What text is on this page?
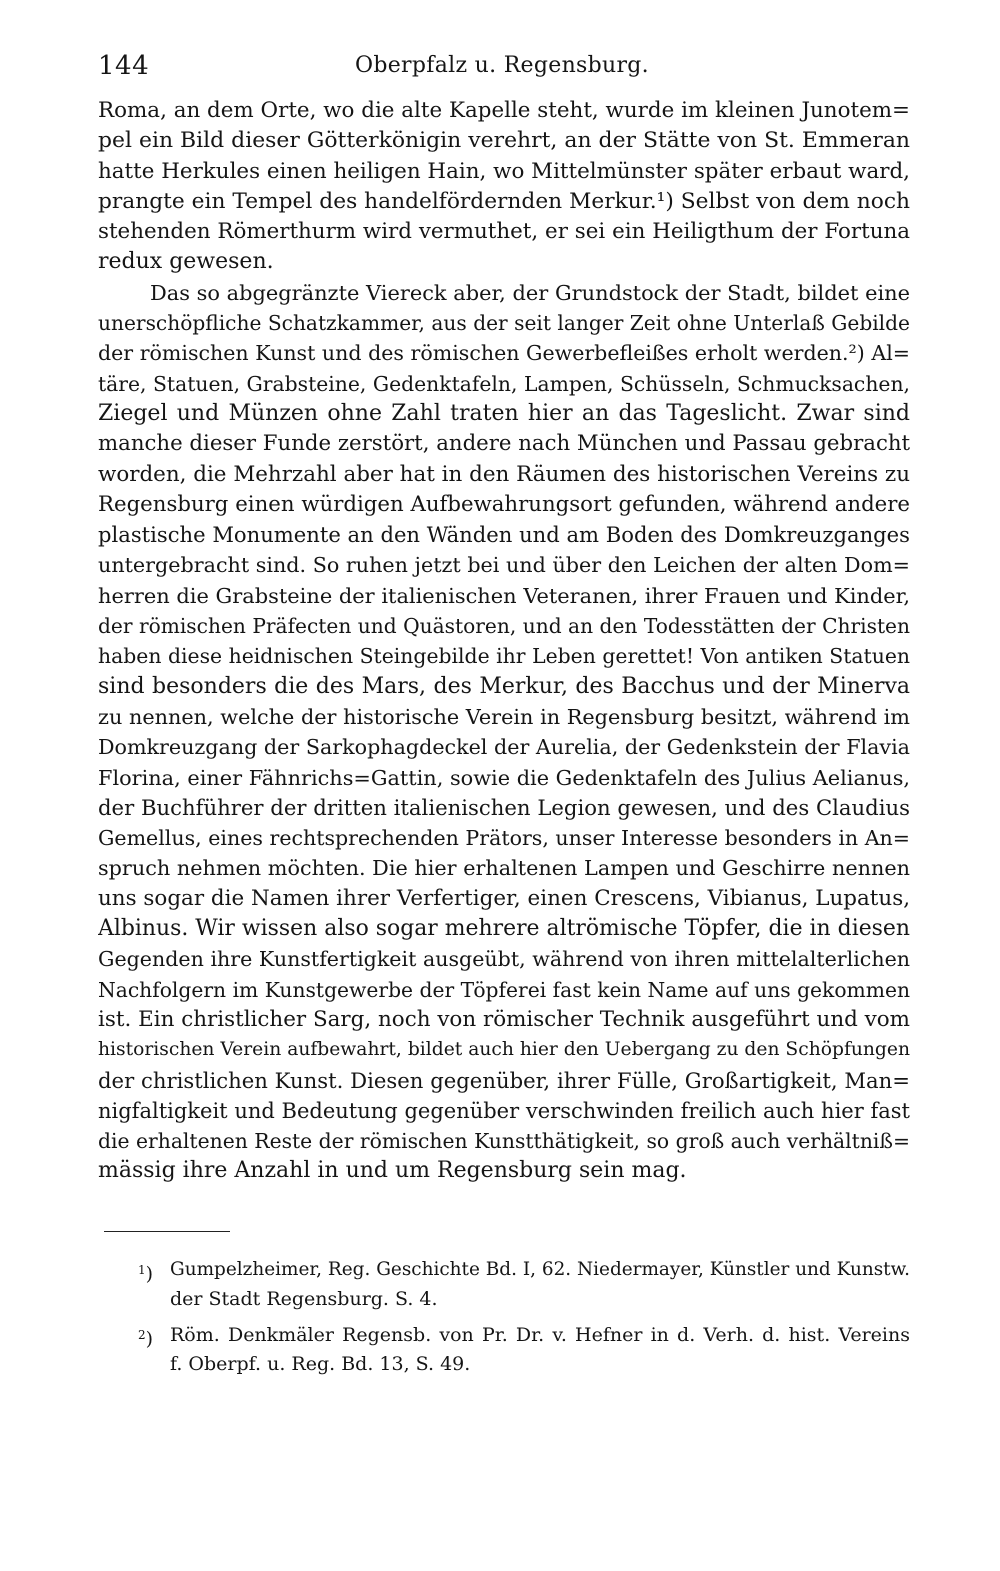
144	Oberpfalz u. Regensburg.
Roma, an dem Orte, wo die alte Kapelle steht, wurde im kleinen Junotem=
pel ein Bild dieser Götterkönigin verehrt, an der Stätte von St. Emmeran
hatte Herkules einen heiligen Hain, wo Mittelmünster später erbaut ward,
prangte ein Tempel des handelfördernden Merkur.¹) Selbst von dem noch
stehenden Römerthurm wird vermuthet, er sei ein Heiligthum der Fortuna
redux gewesen.
Das so abgegränzte Viereck aber, der Grundstock der Stadt, bildet eine
unerschöpfliche Schatzkammer, aus der seit langer Zeit ohne Unterlaß Gebilde
der römischen Kunst und des römischen Gewerbefleißes erholt werden.²) Al=
täre, Statuen, Grabsteine, Gedenktafeln, Lampen, Schüsseln, Schmucksachen,
Ziegel und Münzen ohne Zahl traten hier an das Tageslicht. Zwar sind
manche dieser Funde zerstört, andere nach München und Passau gebracht
worden, die Mehrzahl aber hat in den Räumen des historischen Vereins zu
Regensburg einen würdigen Aufbewahrungsort gefunden, während andere
plastische Monumente an den Wänden und am Boden des Domkreuzganges
untergebracht sind. So ruhen jetzt bei und über den Leichen der alten Dom=
herren die Grabsteine der italienischen Veteranen, ihrer Frauen und Kinder,
der römischen Präfecten und Quästoren, und an den Todesstätten der Christen
haben diese heidnischen Steingebilde ihr Leben gerettet! Von antiken Statuen
sind besonders die des Mars, des Merkur, des Bacchus und der Minerva
zu nennen, welche der historische Verein in Regensburg besitzt, während im
Domkreuzgang der Sarkophagdeckel der Aurelia, der Gedenkstein der Flavia
Florina, einer Fähnrichs=Gattin, sowie die Gedenktafeln des Julius Aelianus,
der Buchführer der dritten italienischen Legion gewesen, und des Claudius
Gemellus, eines rechtsprechenden Prätors, unser Interesse besonders in An=
spruch nehmen möchten. Die hier erhaltenen Lampen und Geschirre nennen
uns sogar die Namen ihrer Verfertiger, einen Crescens, Vibianus, Lupatus,
Albinus. Wir wissen also sogar mehrere altrömische Töpfer, die in diesen
Gegenden ihre Kunstfertigkeit ausgeübt, während von ihren mittelalterlichen
Nachfolgern im Kunstgewerbe der Töpferei fast kein Name auf uns gekommen
ist. Ein christlicher Sarg, noch von römischer Technik ausgeführt und vom
historischen Verein aufbewahrt, bildet auch hier den Uebergang zu den Schöpfungen
der christlichen Kunst. Diesen gegenüber, ihrer Fülle, Großartigkeit, Man=
nigfaltigkeit und Bedeutung gegenüber verschwinden freilich auch hier fast
die erhaltenen Reste der römischen Kunstthätigkeit, so groß auch verhältniß=
mässig ihre Anzahl in und um Regensburg sein mag.
$^1$) Gumpelzheimer, Reg. Geschichte Bd. I, 62. Niedermayer, Künstler und Kunstw.
der Stadt Regensburg. S. 4.
$^2$) Röm. Denkmäler Regensb. von Pr. Dr. v. Hefner in d. Verh. d. hist. Vereins
f. Oberpf. u. Reg. Bd. 13, S. 49.
